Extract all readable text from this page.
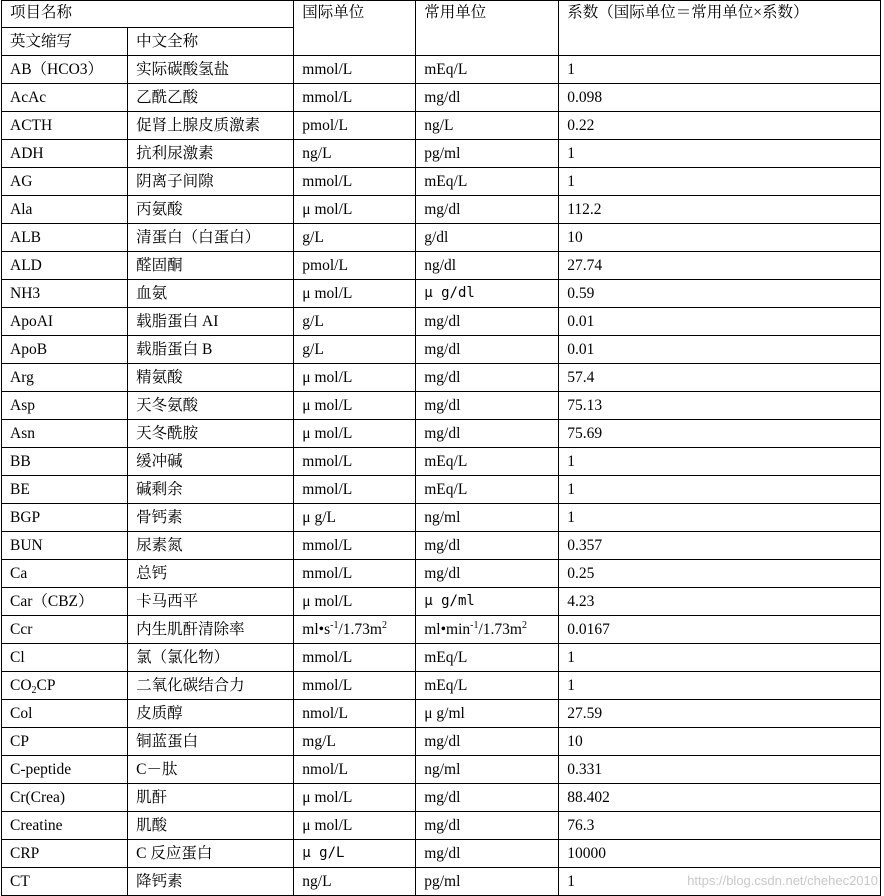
项目名称		国际单位	常用单位	系数（国际单位＝常用单位×系数）
英文缩写	中文全称			
AB（HCO3）	实际碳酸氢盐	mmol/L	mEq/L	1
AcAc	乙酰乙酸	mmol/L	mg/dl	0.098
ACTH	促肾上腺皮质激素	pmol/L	ng/L	0.22
ADH	抗利尿激素	ng/L	pg/ml	1
AG	阴离子间隙	mmol/L	mEq/L	1
Ala	丙氨酸	μ mol/L	mg/dl	112.2
ALB	清蛋白（白蛋白）	g/L	g/dl	10
ALD	醛固酮	pmol/L	ng/dl	27.74
NH3	血氨	μ mol/L	μ g/dl	0.59
ApoAI	载脂蛋白 AI	g/L	mg/dl	0.01
ApoB	载脂蛋白 B	g/L	mg/dl	0.01
Arg	精氨酸	μ mol/L	mg/dl	57.4
Asp	天冬氨酸	μ mol/L	mg/dl	75.13
Asn	天冬酰胺	μ mol/L	mg/dl	75.69
BB	缓冲碱	mmol/L	mEq/L	1
BE	碱剩余	mmol/L	mEq/L	1
BGP	骨钙素	μ g/L	ng/ml	1
BUN	尿素氮	mmol/L	mg/dl	0.357
Ca	总钙	mmol/L	mg/dl	0.25
Car（CBZ）	卡马西平	μ mol/L	μ g/ml	4.23
Ccr	内生肌酐清除率	$ml•s^{-1}/1.73m^2$	$ml•\min^{-1}/1.73m^2$	0.0167
Cl	氯（氯化物）	mmol/L	mEq/L	1
$CO_2CP$	二氧化碳结合力	mmol/L	mEq/L	1
Col	皮质醇	nmol/L	μ g/ml	27.59
CP	铜蓝蛋白	mg/L	mg/dl	10
C-peptide	C－肽	nmol/L	ng/ml	0.331
Cr(Crea)	肌酐	μ mol/L	mg/dl	88.402
Creatine	肌酸	μ mol/L	mg/dl	76.3
CRP	C 反应蛋白	μ g/L	mg/dl	10000
CT	降钙素	ng/L	pg/ml	1	https://blog.csdn.net/chehec2010
